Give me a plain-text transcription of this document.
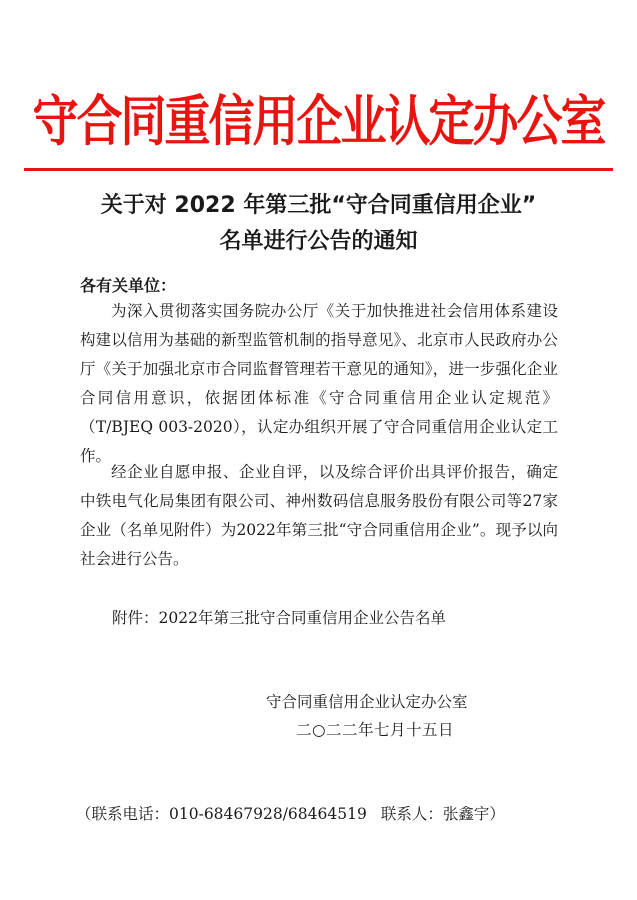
守合同重信用企业认定办公室
关于对 2022 年第三批“守合同重信用企业”
名单进行公告的通知
各有关单位：

为深入贯彻落实国务院办公厅《关于加快推进社会信用体系建设构建以信用为基础的新型监管机制的指导意见》、北京市人民政府办公厅《关于加强北京市合同监督管理若干意见的通知》，进一步强化企业合同信用意识，依据团体标准《守合同重信用企业认定规范》（T/BJEQ 003-2020），认定办组织开展了守合同重信用企业认定工作。

经企业自愿申报、企业自评，以及综合评价出具评价报告，确定中铁电气化局集团有限公司、神州数码信息服务股份有限公司等27家企业（名单见附件）为2022年第三批“守合同重信用企业”。现予以向社会进行公告。

附件：2022年第三批守合同重信用企业公告名单
守合同重信用企业认定办公室
二○二二年七月十五日
（联系电话：010-68467928/68464519 联系人：张鑫宇）
